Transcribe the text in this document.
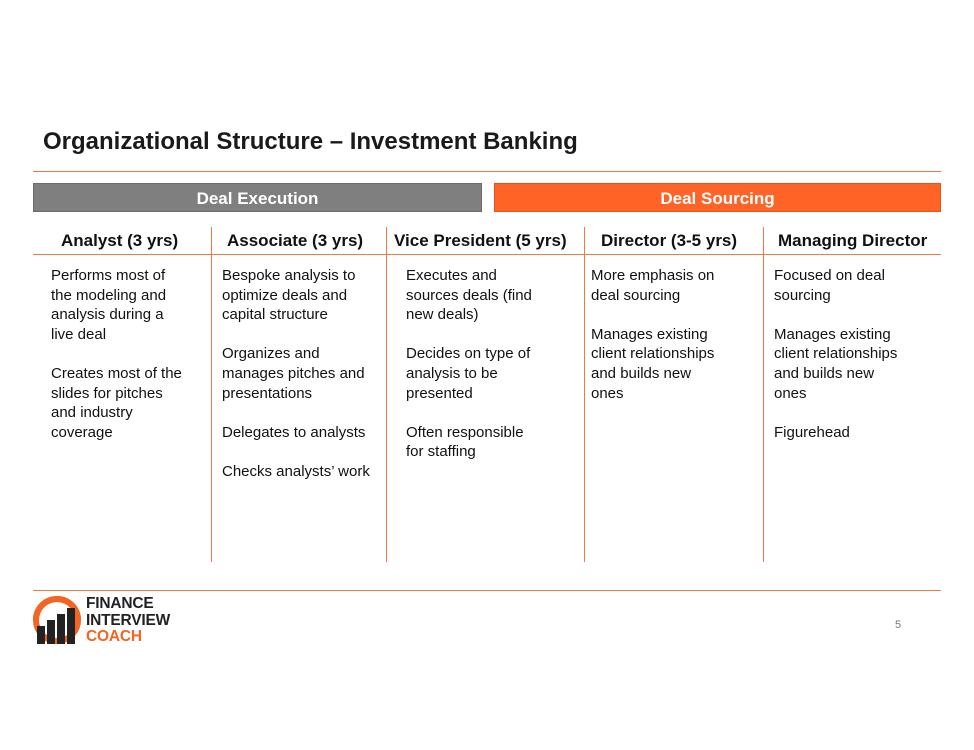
Organizational Structure – Investment Banking
Deal Execution	Deal Sourcing
Analyst (3 yrs)	Associate (3 yrs) Vice President (5 yrs) Director (3-5 yrs) Managing Director

Performs most of
the modeling and
analysis during a
live deal

Creates most of the
slides for pitches
and industry
coverage

Bespoke analysis to
optimize deals and
capital structure

Organizes and
manages pitches and
presentations

Delegates to analysts

Checks analysts’ work

Executes and
sources deals (find
new deals)

Decides on type of
analysis to be
presented

Often responsible
for staffing

More emphasis on
deal sourcing

Manages existing
client relationships
and builds new
ones

Focused on deal
sourcing

Manages existing
client relationships
and builds new
ones

Figurehead

FINANCE
INTERVIEW
COACH
5
